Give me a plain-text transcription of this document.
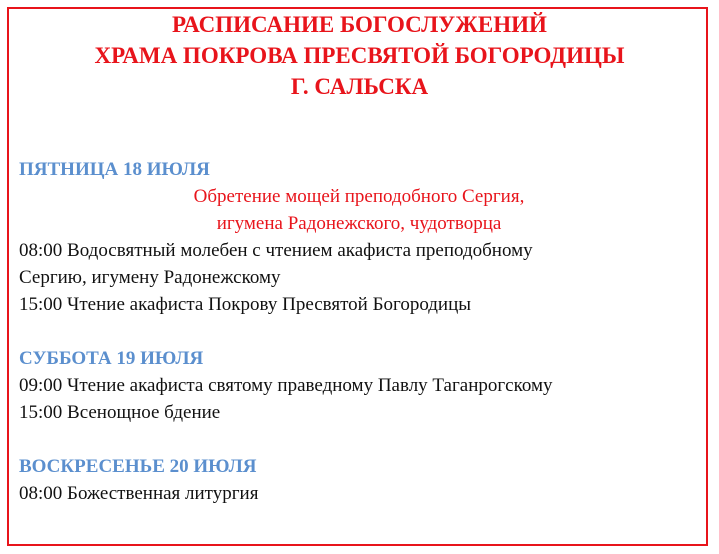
РАСПИСАНИЕ БОГОСЛУЖЕНИЙ
ХРАМА ПОКРОВА ПРЕСВЯТОЙ БОГОРОДИЦЫ
Г. САЛЬСКА
ПЯТНИЦА 18 ИЮЛЯ
Обретение мощей преподобного Сергия,
игумена Радонежского, чудотворца
08:00 Водосвятный молебен с чтением акафиста преподобному
Сергию, игумену Радонежскому
15:00 Чтение акафиста Покрову Пресвятой Богородицы
СУББОТА 19 ИЮЛЯ
09:00 Чтение акафиста святому праведному Павлу Таганрогскому
15:00 Всенощное бдение
ВОСКРЕСЕНЬЕ 20 ИЮЛЯ
08:00 Божественная литургия
